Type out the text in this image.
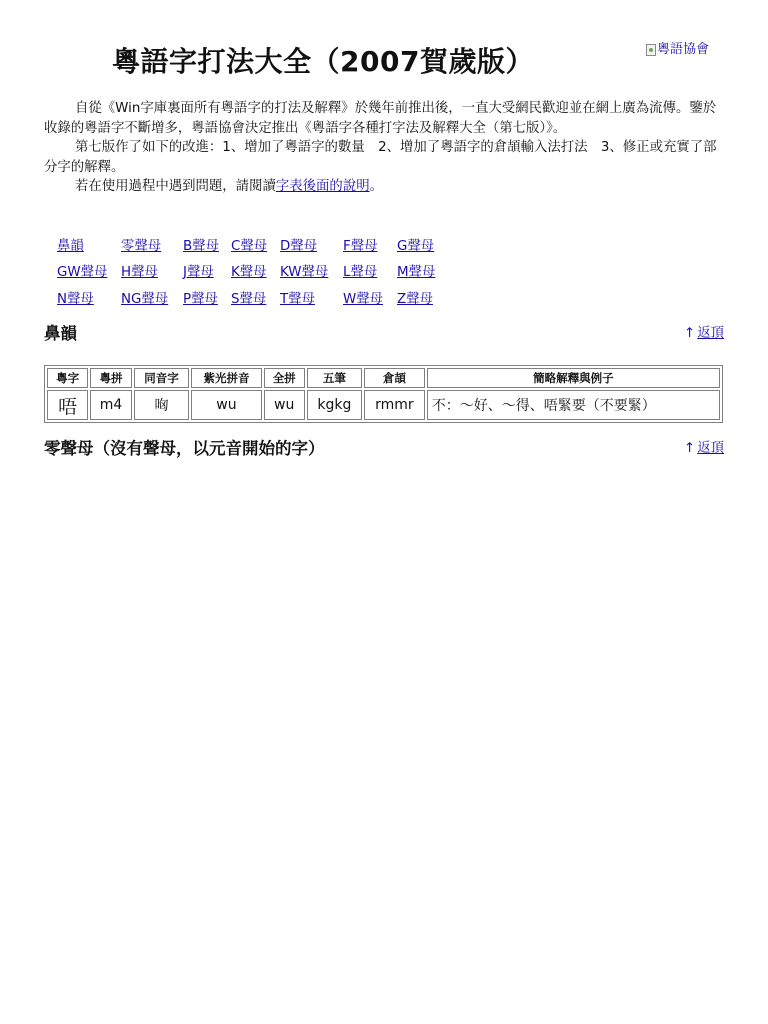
粵語字打法大全（2007賀歲版）	粵語協會

自從《Win字庫裏面所有粵語字的打法及解釋》於幾年前推出後，一直大受網民歡迎並在網上廣為流傳。鑒於收錄的粵語字不斷增多，粵語協會決定推出《粵語字各種打字法及解釋大全（第七版）》。

第七版作了如下的改進：1、增加了粵語字的數量　2、增加了粵語字的倉頡輸入法打法　3、修正或充實了部分字的解釋。

若在使用過程中遇到問題，請閱讀字表後面的說明。

鼻韻	零聲母	B聲母	C聲母	D聲母	F聲母	G聲母
GW聲母	H聲母	J聲母	K聲母	KW聲母	L聲母	M聲母
N聲母	NG聲母	P聲母	S聲母	T聲母	W聲母	Z聲母
鼻韻	↑ 返頂
粵字	粵拼	同音字	紫光拼音	全拼	五筆	倉頡	簡略解釋與例子
唔	m4	㕼	wu	wu	kgkg	rmmr	不：～好、～得、唔緊要（不要緊）
零聲母（沒有聲母，以元音開始的字）	↑ 返頂
